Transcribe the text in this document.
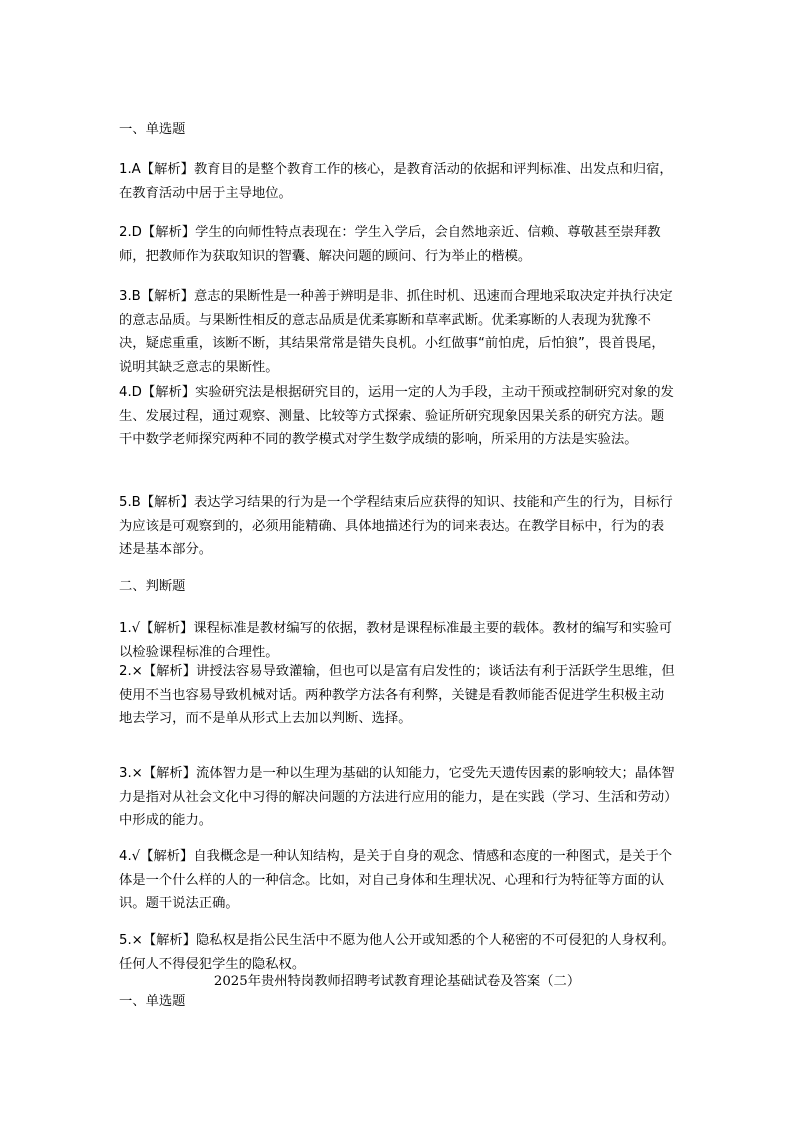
一、单选题

1.A【解析】教育目的是整个教育工作的核心，是教育活动的依据和评判标准、出发点和归宿，在教育活动中居于主导地位。

2.D【解析】学生的向师性特点表现在：学生入学后，会自然地亲近、信赖、尊敬甚至崇拜教师，把教师作为获取知识的智囊、解决问题的顾问、行为举止的楷模。

3.B【解析】意志的果断性是一种善于辨明是非、抓住时机、迅速而合理地采取决定并执行决定的意志品质。与果断性相反的意志品质是优柔寡断和草率武断。优柔寡断的人表现为犹豫不决，疑虑重重，该断不断，其结果常常是错失良机。小红做事“前怕虎，后怕狼”，畏首畏尾，说明其缺乏意志的果断性。

4.D【解析】实验研究法是根据研究目的，运用一定的人为手段，主动干预或控制研究对象的发生、发展过程，通过观察、测量、比较等方式探索、验证所研究现象因果关系的研究方法。题干中数学老师探究两种不同的教学模式对学生数学成绩的影响，所采用的方法是实验法。

5.B【解析】表达学习结果的行为是一个学程结束后应获得的知识、技能和产生的行为，目标行为应该是可观察到的，必须用能精确、具体地描述行为的词来表达。在教学目标中，行为的表述是基本部分。

二、判断题

1.√【解析】课程标准是教材编写的依据，教材是课程标准最主要的载体。教材的编写和实验可以检验课程标准的合理性。

2.×【解析】讲授法容易导致灌输，但也可以是富有启发性的；谈话法有利于活跃学生思维，但使用不当也容易导致机械对话。两种教学方法各有利弊，关键是看教师能否促进学生积极主动地去学习，而不是单从形式上去加以判断、选择。

3.×【解析】流体智力是一种以生理为基础的认知能力，它受先天遗传因素的影响较大；晶体智力是指对从社会文化中习得的解决问题的方法进行应用的能力，是在实践（学习、生活和劳动）中形成的能力。

4.√【解析】自我概念是一种认知结构，是关于自身的观念、情感和态度的一种图式，是关于个体是一个什么样的人的一种信念。比如，对自己身体和生理状况、心理和行为特征等方面的认识。题干说法正确。

5.×【解析】隐私权是指公民生活中不愿为他人公开或知悉的个人秘密的不可侵犯的人身权利。任何人不得侵犯学生的隐私权。

2025年贵州特岗教师招聘考试教育理论基础试卷及答案（二）
一、单选题
